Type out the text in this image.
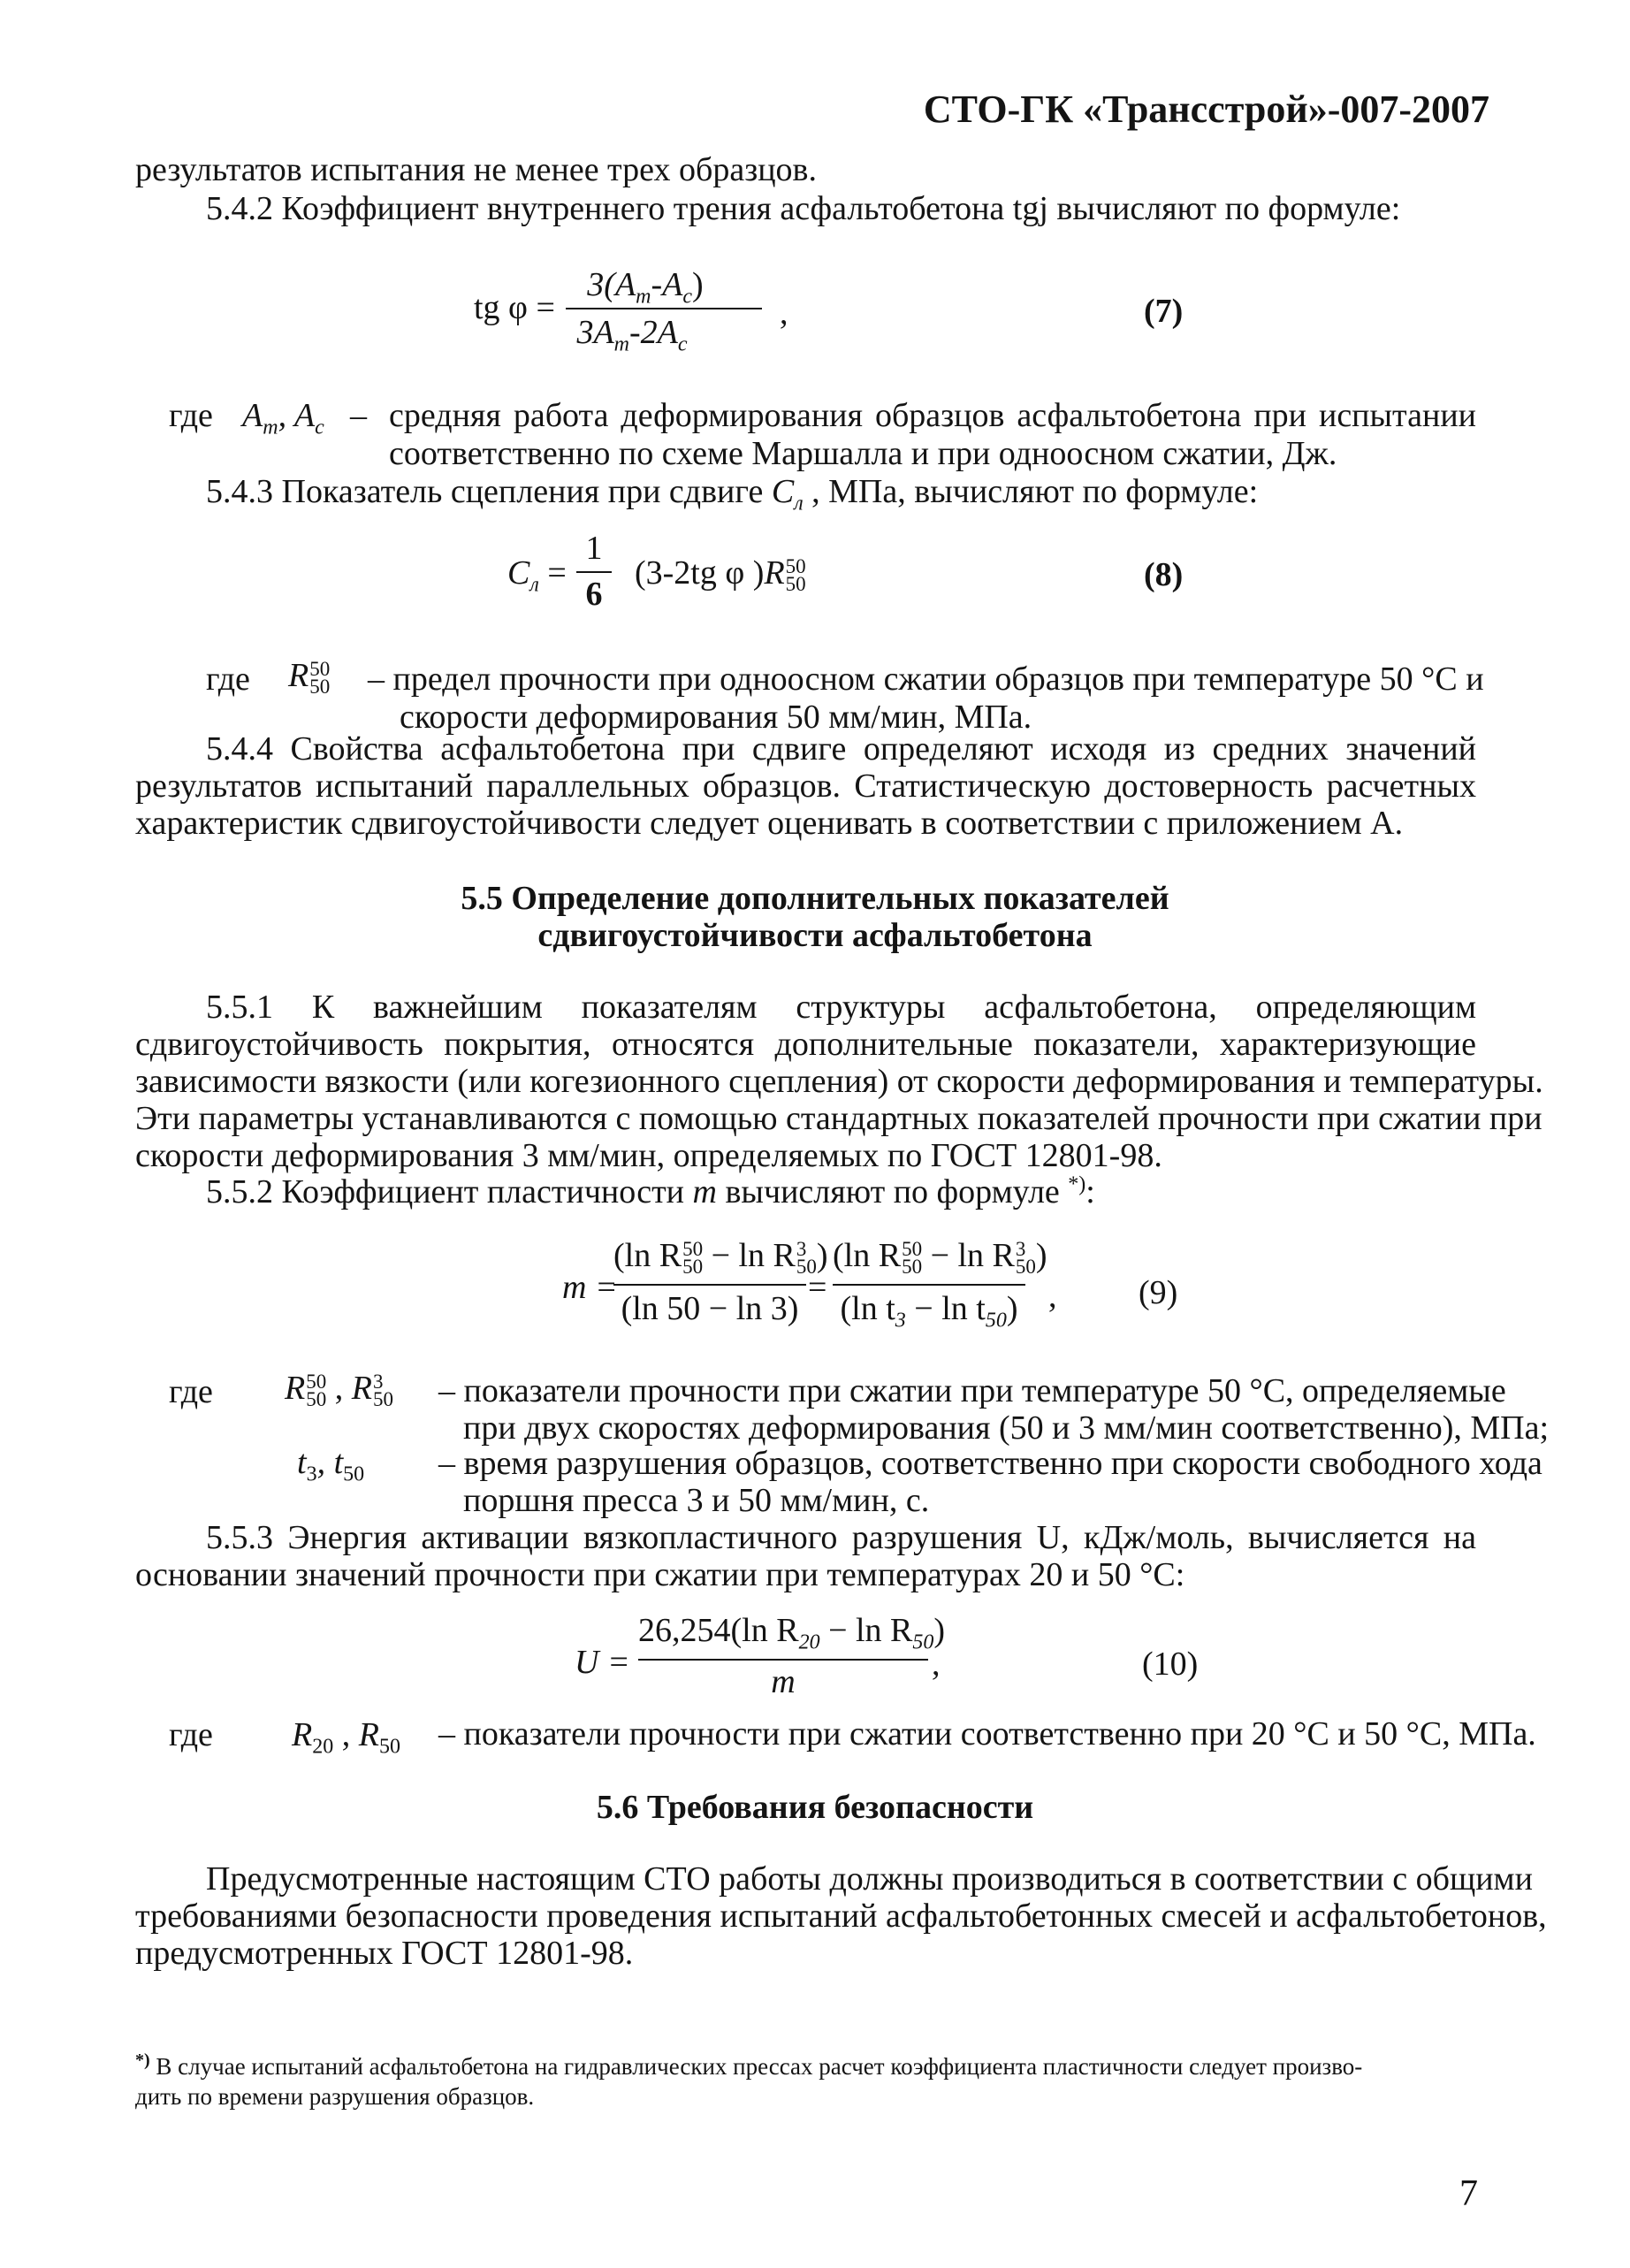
СТО-ГК «Трансстрой»-007-2007
результатов испытания не менее трех образцов.
5.4.2 Коэффициент внутреннего трения асфальтобетона tgj вычисляют по формуле:
tg φ =
$3(A_m-A_c)$
$3A_m-2A_c$
,	(7)
где $A_m$, $A_c$ – средняя работа деформирования образцов асфальтобетона при испытании
соответственно по схеме Маршалла и при одноосном сжатии, Дж.
5.4.3 Показатель сцепления при сдвиге $C_л$ , МПа, вычисляют по формуле:
$C_л$ =
1
6
(3-2tg φ )R 50
50	(8)
где R 50
50 – предел прочности при одноосном сжатии образцов при температуре 50 °С и
скорости деформирования 50 мм/мин, МПа.
5.4.4 Свойства асфальтобетона при сдвиге определяют исходя из средних значений
результатов испытаний параллельных образцов. Статистическую достоверность расчетных
характеристик сдвигоустойчивости следует оценивать в соответствии с приложением А.
5.5 Определение дополнительных показателей
сдвигоустойчивости асфальтобетона
5.5.1 К важнейшим показателям структуры асфальтобетона, определяющим
сдвигоустойчивость покрытия, относятся дополнительные показатели, характеризующие
зависимости вязкости (или когезионного сцепления) от скорости деформирования и температуры.
Эти параметры устанавливаются с помощью стандартных показателей прочности при сжатии при
скорости деформирования 3 мм/мин, определяемых по ГОСТ 12801-98.
5.5.2 Коэффициент пластичности m вычисляют по формуле *):
m =
(ln R 50
50 − ln R 3
50 )
(ln 50 − ln 3)
=
(ln R 50
50 − ln R 3
50 )
(ln $t_3 - \ln t_{50}$) , (9)
где R 50
50 , R 3
50 – показатели прочности при сжатии при температуре 50 °С, определяемые
при двух скоростях деформирования (50 и 3 мм/мин соответственно), МПа;
$t_3$, $t_{50}$ – время разрушения образцов, соответственно при скорости свободного хода
поршня пресса 3 и 50 мм/мин, с.
5.5.3 Энергия активации вязкопластичного разрушения U, кДж/моль, вычисляется на
основании значений прочности при сжатии при температурах 20 и 50 °С:
U =
26,254(ln $R_{20} - \ln R_{50}$)
m	,	(10)
где $R_{20}$ , $R_{50}$ – показатели прочности при сжатии соответственно при 20 °С и 50 °С, МПа.
5.6 Требования безопасности
Предусмотренные настоящим СТО работы должны производиться в соответствии с общими
требованиями безопасности проведения испытаний асфальтобетонных смесей и асфальтобетонов,
предусмотренных ГОСТ 12801-98.
*) В случае испытаний асфальтобетона на гидравлических прессах расчет коэффициента пластичности следует произво-
дить по времени разрушения образцов.
7
